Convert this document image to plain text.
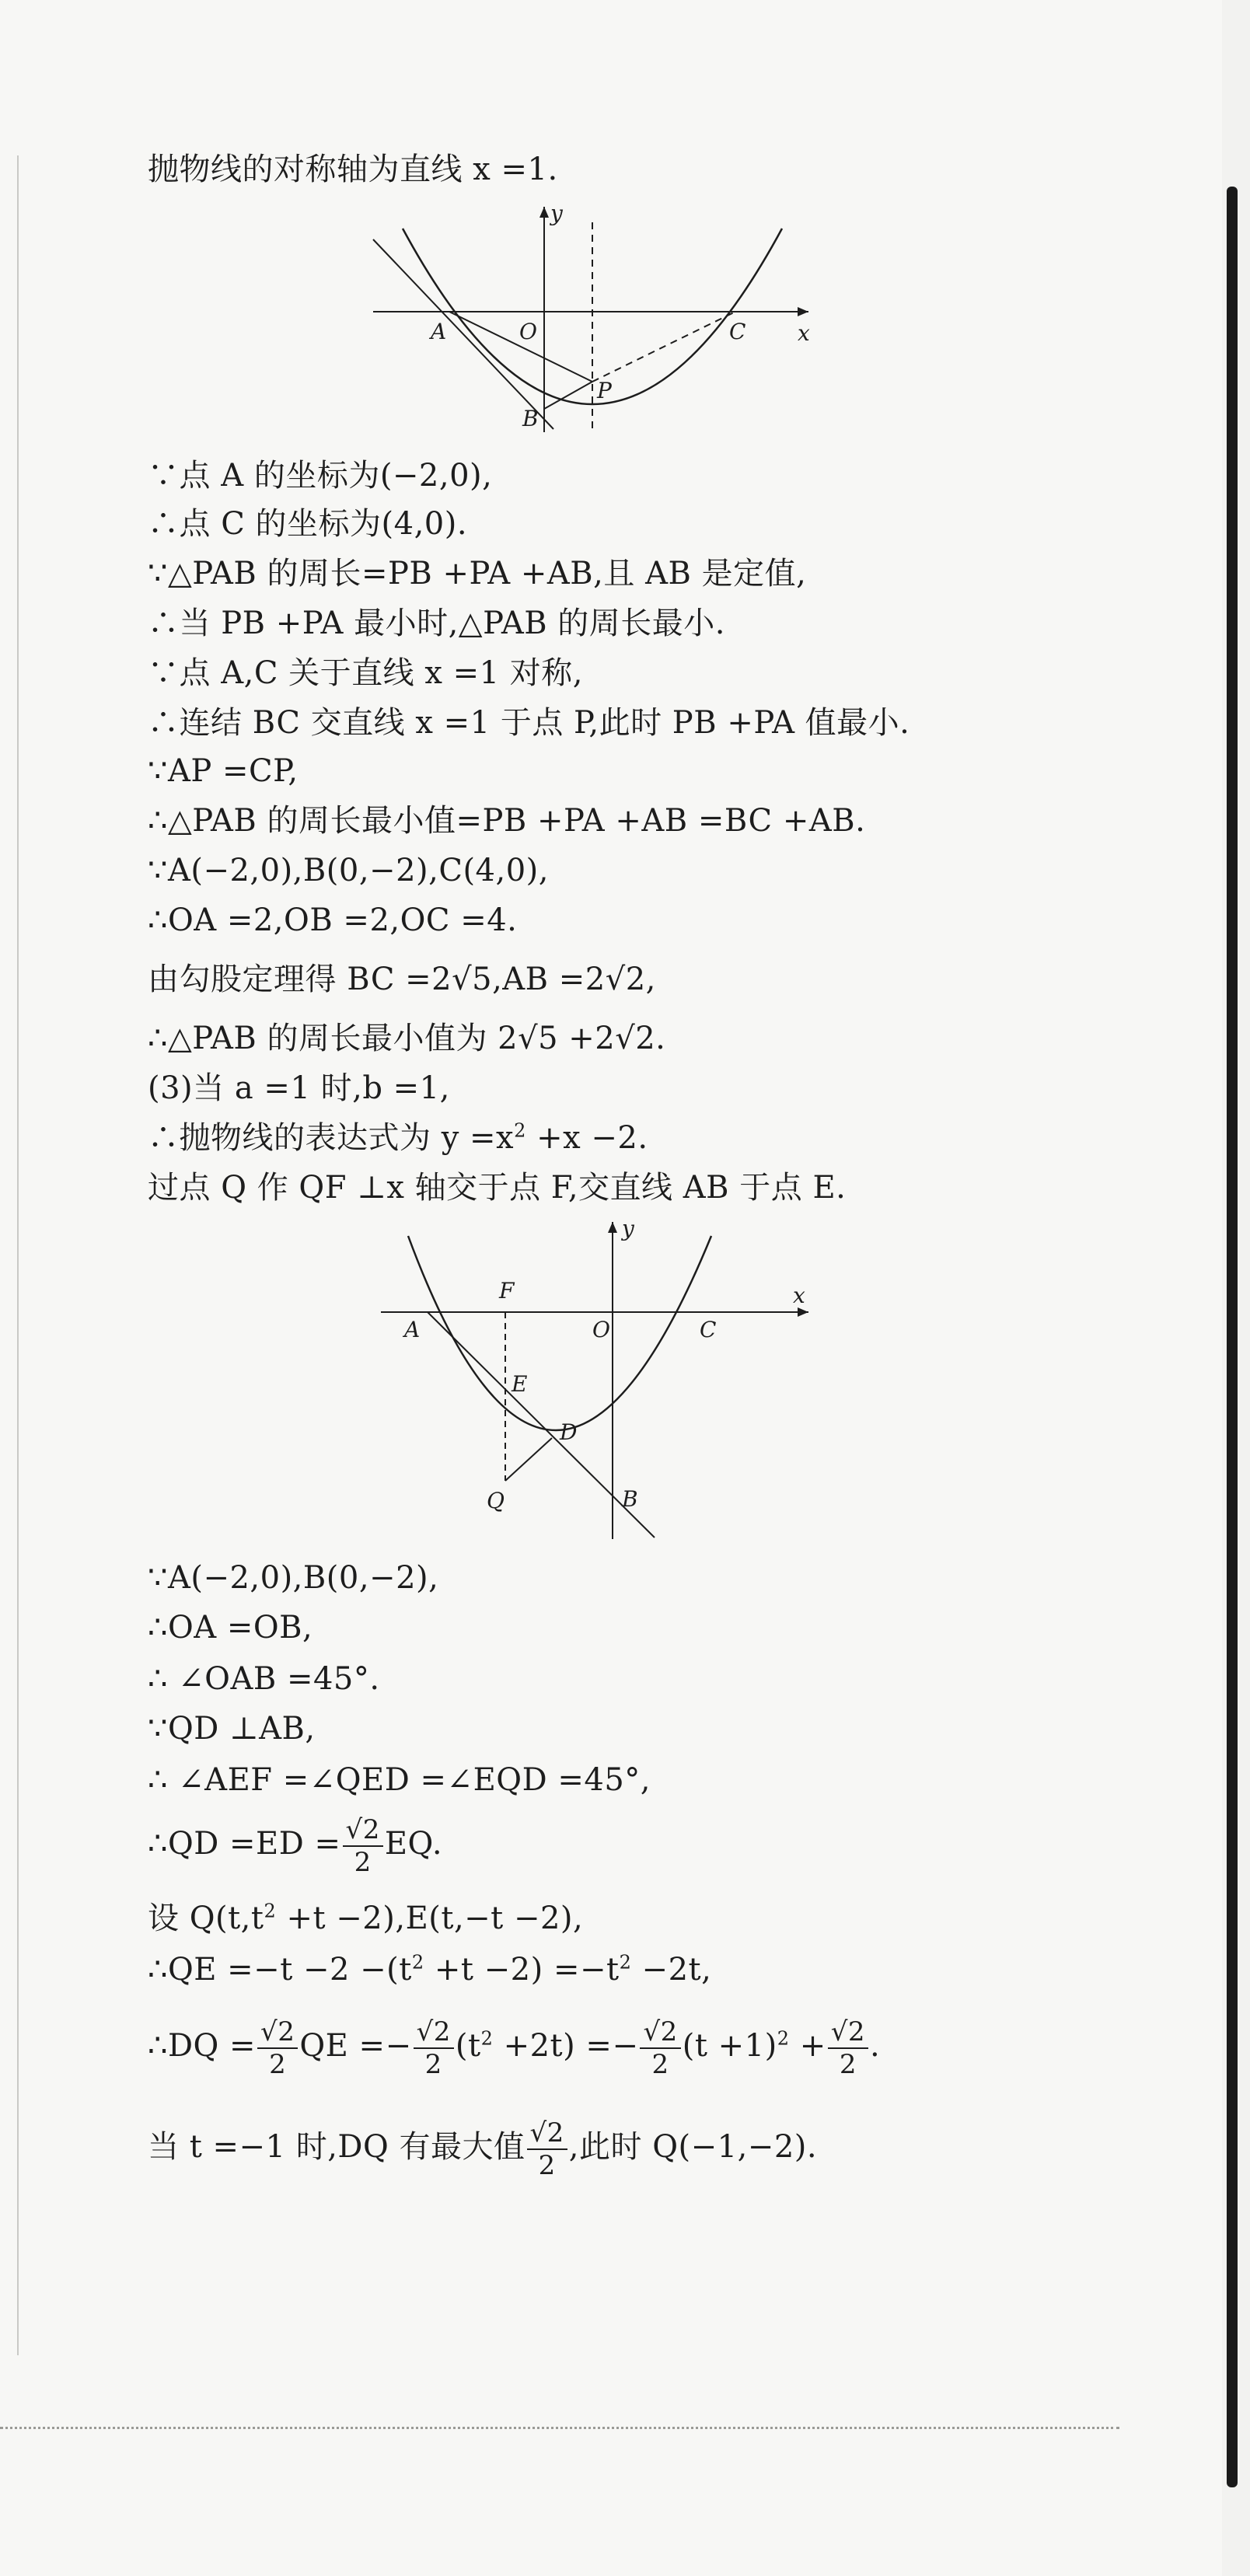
抛物线的对称轴为直线 x =1.
y
x
A	O	C
P
B
∵点 A 的坐标为(−2,0),
∴点 C 的坐标为(4,0).
∵△PAB 的周长=PB +PA +AB,且 AB 是定值,
∴当 PB +PA 最小时,△PAB 的周长最小.
∵点 A,C 关于直线 x =1 对称,
∴连结 BC 交直线 x =1 于点 P,此时 PB +PA 值最小.
∵AP =CP,
∴△PAB 的周长最小值=PB +PA +AB =BC +AB.
∵A(−2,0),B(0,−2),C(4,0),
∴OA =2,OB =2,OC =4.
由勾股定理得 BC =2√5,AB =2√2,
∴△PAB 的周长最小值为 2√5 +2√2.
(3)当 a =1 时,b =1,
∴抛物线的表达式为 $y =x^2 +x -2$.
过点 Q 作 QF ⊥x 轴交于点 F,交直线 AB 于点 E.
y
x
A
F
O	C
E
D
Q	B
∵A(−2,0),B(0,−2),
∴OA =OB,
∴ ∠OAB =45°.
∵QD ⊥AB,
∴ ∠AEF =∠QED =∠EQD =45°,
∴QD $=ED = \frac{√2}{2}$ EQ.
设 $Q(t,t^2 +t -2),E(t,-t -2)$,
∴QE $=-t -2 -(t^2 +t -2) =-t^2 -2t$,
∴DQ = $\frac{√2}{2}$ QE =− $\frac{√2}{2} (t^2 +2t) =- \frac{√2}{2} (t +1)^2 + \frac{√2}{2}$ .
当 t =−1 时,DQ 有最大值 $\frac{√2}{2}$ ,此时 Q(−1,−2).
